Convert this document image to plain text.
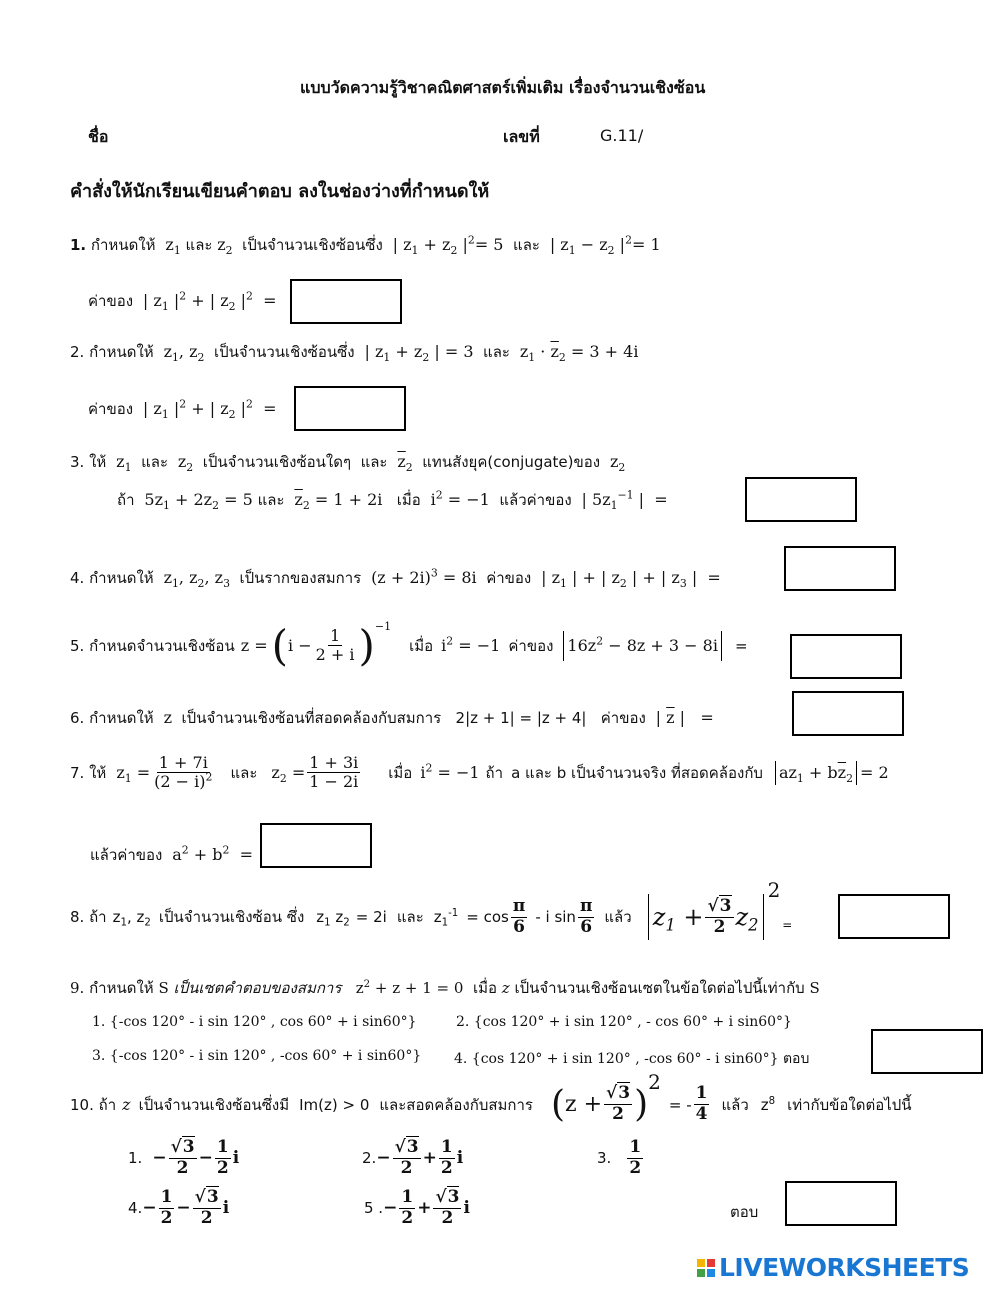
แบบวัดความรู้วิชาคณิตศาสตร์เพิ่มเติม เรื่องจำนวนเชิงซ้อน
ชื่อ	เลขที่	G.11/
คำสั่งให้นักเรียนเขียนคำตอบ ลงในช่องว่างที่กำหนดให้
1. กำหนดให้  $z_1$ และ $z_2$ เป็นจำนวนเชิงซ้อนซึ่ง  | $z_1 + z_2$ $|^2= 5$ และ  | $z_1 - z_2$ $|^2= 1$
ค่าของ  | $z_1$ $|^2$ + | $z_2$ $|^2$  =
2. กำหนดให้  $z_1$, $z_2$ เป็นจำนวนเชิงซ้อนซึ่ง  | $z_1 + z_2$ | = 3 และ  $z_1 \cdot \overline{z}_2 = 3 + 4i$
ค่าของ  | $z_1$ $|^2$ + | $z_2$ $|^2$  =
3. ให้  $z_1$ และ  $z_2$ เป็นจำนวนเชิงซ้อนใดๆ และ $\overline{z}_2$ แทนสังยุค(conjugate)ของ  $z_2$
ถ้า $5z_1 + 2z_2 = 5$ และ $\overline{z}_2 = 1 + 2i$ เมื่อ  $i^2 = -1$ แล้วค่าของ  | $5z_1^{-1}$ |  =
4. กำหนดให้  $z_1$, $z_2$, $z_3$ เป็นรากของสมการ $(z + 2i)^3 = 8i$ ค่าของ  | $z_1$ | + | $z_2$ | + | $z_3$ |  =
5.
กำหนดจำนวนเชิงซ้อน z = ( $i - \frac{1}{2 + i}$ ) −1
เมื่อ $i^2 = -1$ ค่าของ $16z^2 - 8z + 3 - 8i$ =
6. กำหนดให้  z เป็นจำนวนเชิงซ้อนที่สอดคล้องกับสมการ 2|z + 1| = |z + 4| ค่าของ  | $\overline{z}$ |   =
7.
ให้ $z_1 = \frac{1 + 7i}{(2 - i)^2}$ และ $z_2 = \frac{1 + 3i}{1 - 2i}$ เมื่อ $i^2 = -1$ ถ้า a และ b เป็นจำนวนจริง ที่สอดคล้องกับ $az_1 + b\overline{z}_2 = 2$
แล้วค่าของ $a^2 + b^2$  =
8.
ถ้า $z_1$, $z_2$ เป็นจำนวนเชิงซ้อน ซึ่ง $z_1$ $z_2 = 2i$ และ $z_1^{-1} = \cos \frac{\pi}{6} - i$ $\sin \frac{\pi}{6}$ แล้ว $z_1 + \frac{√3}{2} z_2$
2
=
9. กำหนดให้ S เป็นเซตคำตอบของสมการ   $z^2 + z + 1 = 0$ เมื่อ z เป็นจำนวนเชิงซ้อนเซตในข้อใดต่อไปนี้เท่ากับ S
1. {-cos 120° - i sin 120° , cos 60° + i sin60°}	2. {cos 120° + i sin 120° , - cos 60° + i sin60°}
3. {-cos 120° - i sin 120° , -cos 60° + i sin60°} 4. {cos 120° + i sin 120° , -cos 60° - i sin60°} ตอบ
10.
ถ้า z เป็นจำนวนเชิงซ้อนซึ่งมี Im(z) > 0 และสอดคล้องกับสมการ ( $z + \frac{√3}{2}$ )
2
= - $\frac{1}{4}$ แล้ว $z^8$ เท่ากับข้อใดต่อไปนี้
1. − $\frac{√3}{2} - \frac{1}{2}$ i	2. − $\frac{√3}{2} + \frac{1}{2}$ i	3. $\frac{1}{2}$
4. − $\frac{1}{2} - \frac{√3}{2}$ i	5 . − $\frac{1}{2} + \frac{√3}{2}$ i	ตอบ
LIVEWORKSHEETS
